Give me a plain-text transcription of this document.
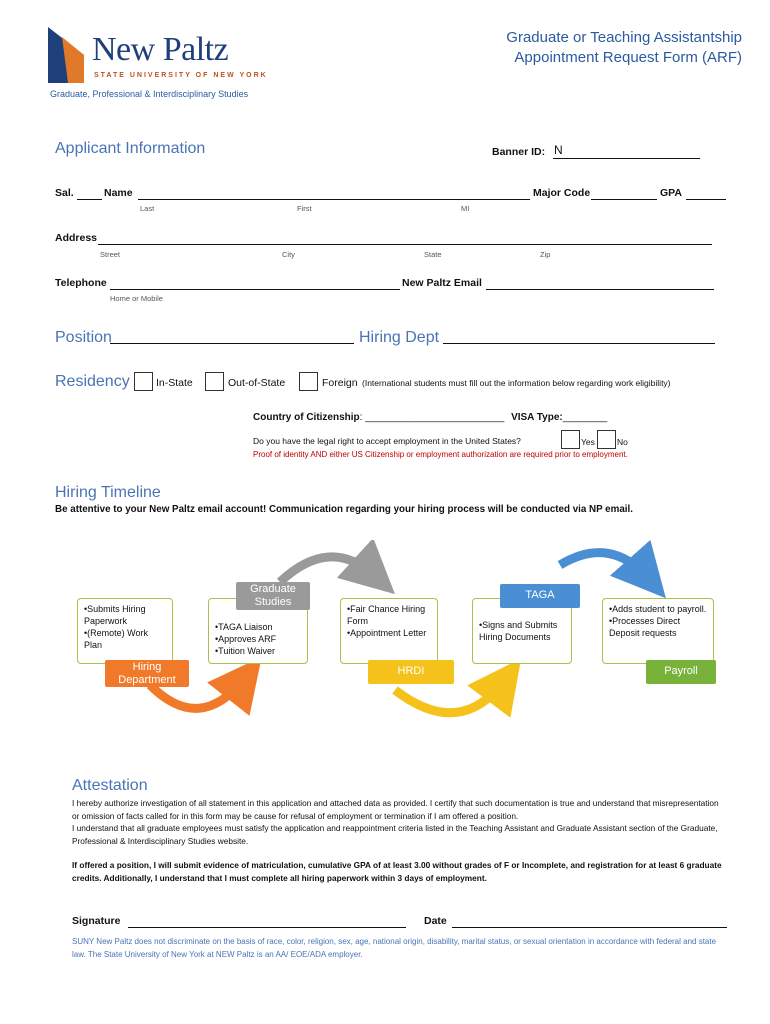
New Paltz
STATE UNIVERSITY OF NEW YORK
Graduate or Teaching Assistantship
Appointment Request Form (ARF)
Graduate, Professional & Interdisciplinary Studies
Applicant Information	Banner ID: N
Sal.	Name
Last	First	MI
Major Code	GPA
Address
Street	City	State	Zip
Telephone
Home or Mobile
New Paltz Email
Position	Hiring Dept
Residency	In-State	Out-of-State	Foreign (International students must fill out the information below regarding work eligibility)
Country of Citizenship: _________________________ VISA Type:________
Do you have the legal right to accept employment in the United States?	Yes	No
Proof of identity AND either US Citizenship or employment authorization are required prior to employment.
Hiring Timeline
Be attentive to your New Paltz email account! Communication regarding your hiring process will be conducted via NP email.
•Submits Hiring Paperwork
•(Remote) Work Plan
Hiring Department
•TAGA Liaison
•Approves ARF
•Tuition Waiver
Graduate Studies
•Fair Chance Hiring Form
•Appointment Letter
HRDI
•Signs and Submits Hiring Documents
TAGA
•Adds student to payroll.
•Processes Direct Deposit requests
Payroll
Attestation
I hereby authorize investigation of all statement in this application and attached data as provided. I certify that such documentation is true and understand that misrepresentation or omission of facts called for in this form may be cause for refusal of employment or termination if I am offered a position.
I understand that all graduate employees must satisfy the application and reappointment criteria listed in the Teaching Assistant and Graduate Assistant section of the Graduate, Professional & Interdisciplinary Studies website.
If offered a position, I will submit evidence of matriculation, cumulative GPA of at least 3.00 without grades of F or Incomplete, and registration for at least 6 graduate credits. Additionally, I understand that I must complete all hiring paperwork within 3 days of employment.
Signature	Date
SUNY New Paltz does not discriminate on the basis of race, color, religion, sex, age, national origin, disability, marital status, or sexual orientation in accordance with federal and state law. The State University of New York at NEW Paltz is an AA/ EOE/ADA employer.
